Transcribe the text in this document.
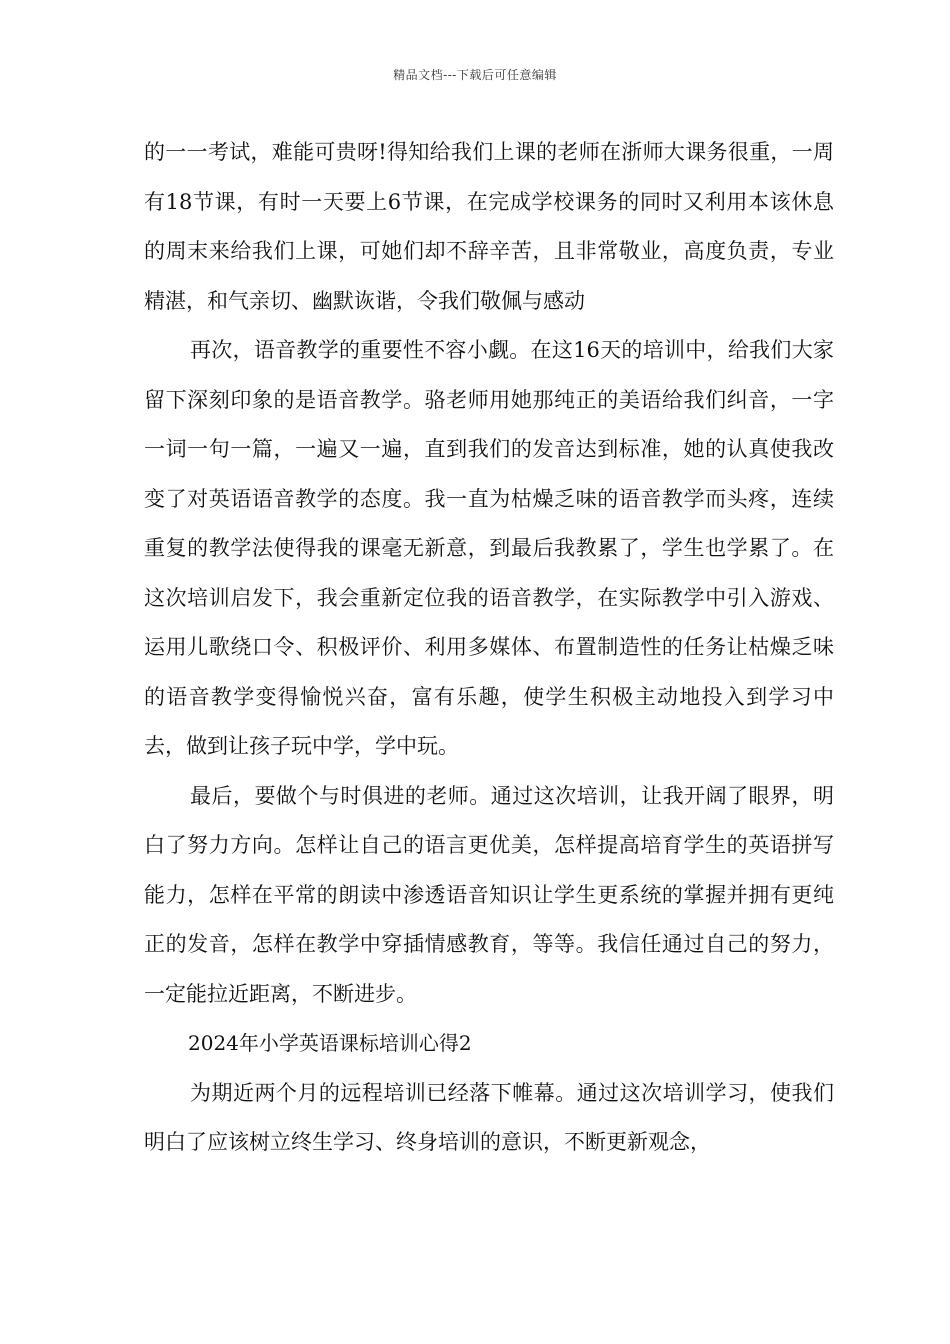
精品文档---下载后可任意编辑

的一一考试，难能可贵呀!得知给我们上课的老师在浙师大课务很重，一周有18节课，有时一天要上6节课，在完成学校课务的同时又利用本该休息的周末来给我们上课，可她们却不辞辛苦，且非常敬业，高度负责，专业精湛，和气亲切、幽默诙谐，令我们敬佩与感动

再次，语音教学的重要性不容小觑。在这16天的培训中，给我们大家留下深刻印象的是语音教学。骆老师用她那纯正的美语给我们纠音，一字一词一句一篇，一遍又一遍，直到我们的发音达到标准，她的认真使我改变了对英语语音教学的态度。我一直为枯燥乏味的语音教学而头疼，连续重复的教学法使得我的课毫无新意，到最后我教累了，学生也学累了。在这次培训启发下，我会重新定位我的语音教学，在实际教学中引入游戏、运用儿歌绕口令、积极评价、利用多媒体、布置制造性的任务让枯燥乏味的语音教学变得愉悦兴奋，富有乐趣，使学生积极主动地投入到学习中去，做到让孩子玩中学，学中玩。

最后，要做个与时俱进的老师。通过这次培训，让我开阔了眼界，明白了努力方向。怎样让自己的语言更优美，怎样提高培育学生的英语拼写能力，怎样在平常的朗读中渗透语音知识让学生更系统的掌握并拥有更纯正的发音，怎样在教学中穿插情感教育，等等。我信任通过自己的努力，一定能拉近距离，不断进步。

2024年小学英语课标培训心得2

为期近两个月的远程培训已经落下帷幕。通过这次培训学习，使我们明白了应该树立终生学习、终身培训的意识，不断更新观念，
